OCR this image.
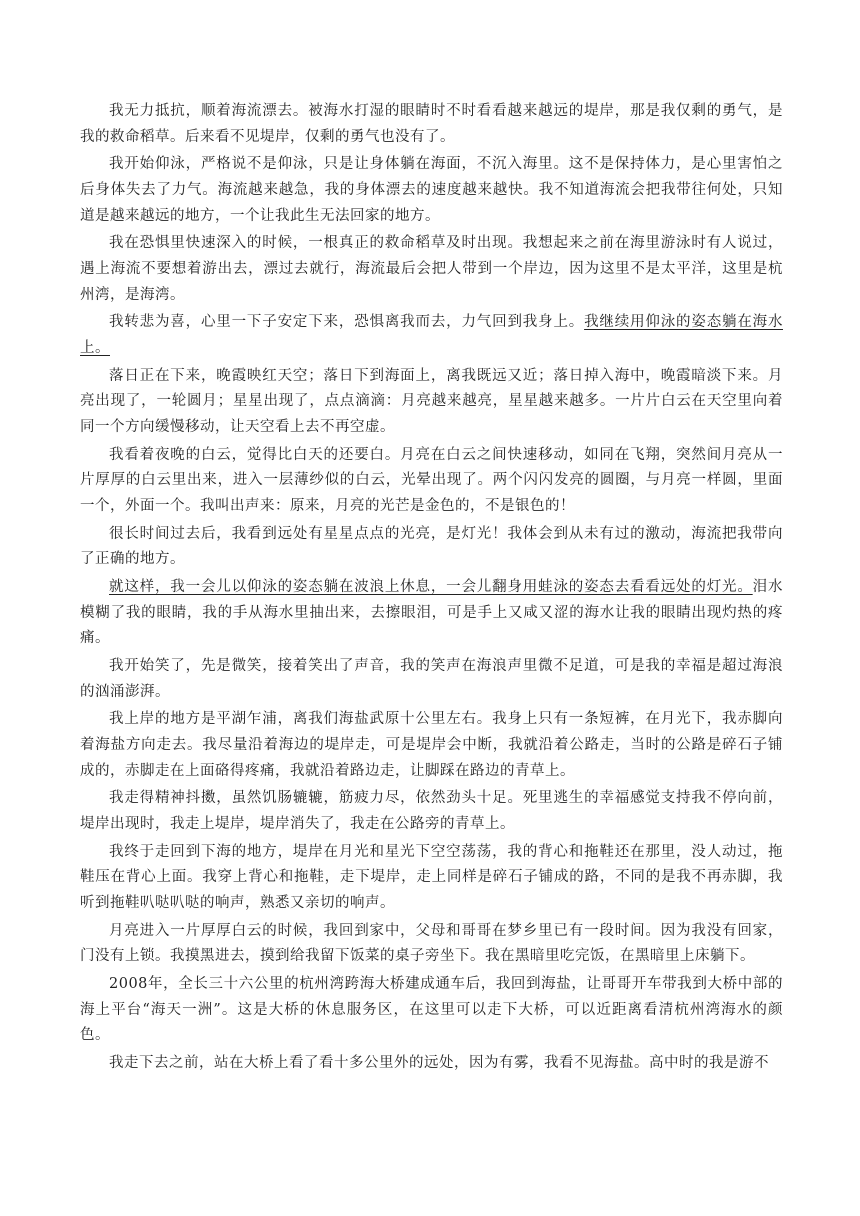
我无力抵抗，顺着海流漂去。被海水打湿的眼睛时不时看看越来越远的堤岸，那是我仅剩的勇气，是我的救命稻草。后来看不见堤岸，仅剩的勇气也没有了。

我开始仰泳，严格说不是仰泳，只是让身体躺在海面，不沉入海里。这不是保持体力，是心里害怕之后身体失去了力气。海流越来越急，我的身体漂去的速度越来越快。我不知道海流会把我带往何处，只知道是越来越远的地方，一个让我此生无法回家的地方。

我在恐惧里快速深入的时候，一根真正的救命稻草及时出现。我想起来之前在海里游泳时有人说过，遇上海流不要想着游出去，漂过去就行，海流最后会把人带到一个岸边，因为这里不是太平洋，这里是杭州湾，是海湾。

我转悲为喜，心里一下子安定下来，恐惧离我而去，力气回到我身上。我继续用仰泳的姿态躺在海水上。

落日正在下来，晚霞映红天空；落日下到海面上，离我既远又近；落日掉入海中，晚霞暗淡下来。月亮出现了，一轮圆月；星星出现了，点点滴滴：月亮越来越亮，星星越来越多。一片片白云在天空里向着同一个方向缓慢移动，让天空看上去不再空虚。

我看着夜晚的白云，觉得比白天的还要白。月亮在白云之间快速移动，如同在飞翔，突然间月亮从一片厚厚的白云里出来，进入一层薄纱似的白云，光晕出现了。两个闪闪发亮的圆圈，与月亮一样圆，里面一个，外面一个。我叫出声来：原来，月亮的光芒是金色的，不是银色的！

很长时间过去后，我看到远处有星星点点的光亮，是灯光！我体会到从未有过的激动，海流把我带向了正确的地方。

就这样，我一会儿以仰泳的姿态躺在波浪上休息，一会儿翻身用蛙泳的姿态去看看远处的灯光。泪水模糊了我的眼睛，我的手从海水里抽出来，去擦眼泪，可是手上又咸又涩的海水让我的眼睛出现灼热的疼痛。

我开始笑了，先是微笑，接着笑出了声音，我的笑声在海浪声里微不足道，可是我的幸福是超过海浪的汹涌澎湃。

我上岸的地方是平湖乍浦，离我们海盐武原十公里左右。我身上只有一条短裤，在月光下，我赤脚向着海盐方向走去。我尽量沿着海边的堤岸走，可是堤岸会中断，我就沿着公路走，当时的公路是碎石子铺成的，赤脚走在上面硌得疼痛，我就沿着路边走，让脚踩在路边的青草上。

我走得精神抖擞，虽然饥肠辘辘，筋疲力尽，依然劲头十足。死里逃生的幸福感觉支持我不停向前，堤岸出现时，我走上堤岸，堤岸消失了，我走在公路旁的青草上。

我终于走回到下海的地方，堤岸在月光和星光下空空荡荡，我的背心和拖鞋还在那里，没人动过，拖鞋压在背心上面。我穿上背心和拖鞋，走下堤岸，走上同样是碎石子铺成的路，不同的是我不再赤脚，我听到拖鞋叭哒叭哒的响声，熟悉又亲切的响声。

月亮进入一片厚厚白云的时候，我回到家中，父母和哥哥在梦乡里已有一段时间。因为我没有回家，门没有上锁。我摸黑进去，摸到给我留下饭菜的桌子旁坐下。我在黑暗里吃完饭，在黑暗里上床躺下。

2008年，全长三十六公里的杭州湾跨海大桥建成通车后，我回到海盐，让哥哥开车带我到大桥中部的海上平台“海天一洲”。这是大桥的休息服务区，在这里可以走下大桥，可以近距离看清杭州湾海水的颜色。

我走下去之前，站在大桥上看了看十多公里外的远处，因为有雾，我看不见海盐。高中时的我是游不
